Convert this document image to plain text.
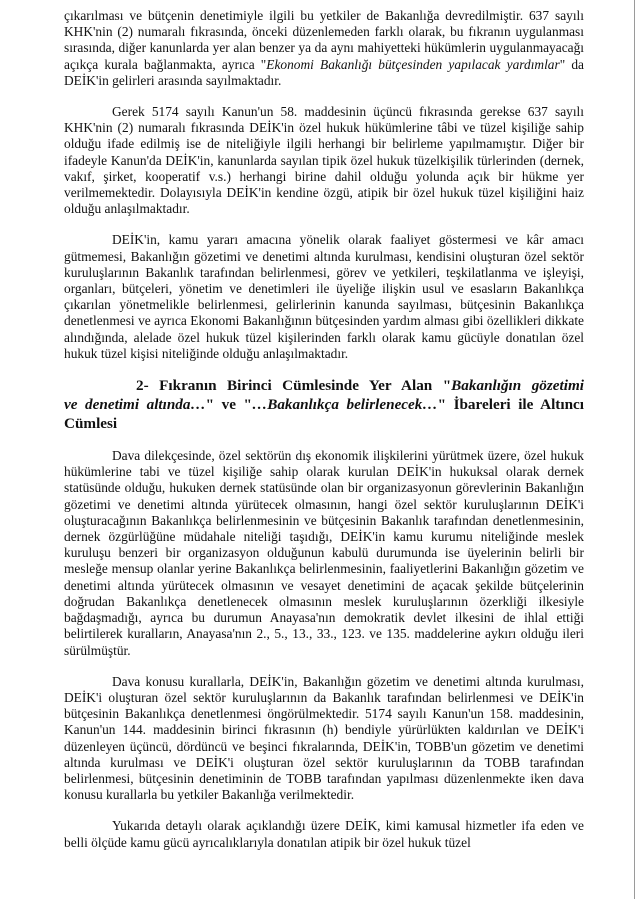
çıkarılması ve bütçenin denetimiyle ilgili bu yetkiler de Bakanlığa devredilmiştir. 637 sayılı KHK'nin (2) numaralı fıkrasında, önceki düzenlemeden farklı olarak, bu fıkranın uygulanması sırasında, diğer kanunlarda yer alan benzer ya da aynı mahiyetteki hükümlerin uygulanmayacağı açıkça kurala bağlanmakta, ayrıca "Ekonomi Bakanlığı bütçesinden yapılacak yardımlar" da DEİK'in gelirleri arasında sayılmaktadır.

Gerek 5174 sayılı Kanun'un 58. maddesinin üçüncü fıkrasında gerekse 637 sayılı KHK'nin (2) numaralı fıkrasında DEİK'in özel hukuk hükümlerine tâbi ve tüzel kişiliğe sahip olduğu ifade edilmiş ise de niteliğiyle ilgili herhangi bir belirleme yapılmamıştır. Diğer bir ifadeyle Kanun'da DEİK'in, kanunlarda sayılan tipik özel hukuk tüzelkişilik türlerinden (dernek, vakıf, şirket, kooperatif v.s.) herhangi birine dahil olduğu yolunda açık bir hükme yer verilmemektedir. Dolayısıyla DEİK'in kendine özgü, atipik bir özel hukuk tüzel kişiliğini haiz olduğu anlaşılmaktadır.

DEİK'in, kamu yararı amacına yönelik olarak faaliyet göstermesi ve kâr amacı gütmemesi, Bakanlığın gözetimi ve denetimi altında kurulması, kendisini oluşturan özel sektör kuruluşlarının Bakanlık tarafından belirlenmesi, görev ve yetkileri, teşkilatlanma ve işleyişi, organları, bütçeleri, yönetim ve denetimleri ile üyeliğe ilişkin usul ve esasların Bakanlıkça çıkarılan yönetmelikle belirlenmesi, gelirlerinin kanunda sayılması, bütçesinin Bakanlıkça denetlenmesi ve ayrıca Ekonomi Bakanlığının bütçesinden yardım alması gibi özellikleri dikkate alındığında, alelade özel hukuk tüzel kişilerinden farklı olarak kamu gücüyle donatılan özel hukuk tüzel kişisi niteliğinde olduğu anlaşılmaktadır.

2- Fıkranın Birinci Cümlesinde Yer Alan "Bakanlığın gözetimi
ve denetimi altında…" ve "…Bakanlıkça belirlenecek…" İbareleri ile Altıncı
Cümlesi

Dava dilekçesinde, özel sektörün dış ekonomik ilişkilerini yürütmek üzere, özel hukuk hükümlerine tabi ve tüzel kişiliğe sahip olarak kurulan DEİK'in hukuksal olarak dernek statüsünde olduğu, hukuken dernek statüsünde olan bir organizasyonun görevlerinin Bakanlığın gözetimi ve denetimi altında yürütecek olmasının, hangi özel sektör kuruluşlarının DEİK'i oluşturacağının Bakanlıkça belirlenmesinin ve bütçesinin Bakanlık tarafından denetlenmesinin, dernek özgürlüğüne müdahale niteliği taşıdığı, DEİK'in kamu kurumu niteliğinde meslek kuruluşu benzeri bir organizasyon olduğunun kabulü durumunda ise üyelerinin belirli bir mesleğe mensup olanlar yerine Bakanlıkça belirlenmesinin, faaliyetlerini Bakanlığın gözetim ve denetimi altında yürütecek olmasının ve vesayet denetimini de açacak şekilde bütçelerinin doğrudan Bakanlıkça denetlenecek olmasının meslek kuruluşlarının özerkliği ilkesiyle bağdaşmadığı, ayrıca bu durumun Anayasa'nın demokratik devlet ilkesini de ihlal ettiği belirtilerek kuralların, Anayasa'nın 2., 5., 13., 33., 123. ve 135. maddelerine aykırı olduğu ileri sürülmüştür.

Dava konusu kurallarla, DEİK'in, Bakanlığın gözetim ve denetimi altında kurulması, DEİK'i oluşturan özel sektör kuruluşlarının da Bakanlık tarafından belirlenmesi ve DEİK'in bütçesinin Bakanlıkça denetlenmesi öngörülmektedir. 5174 sayılı Kanun'un 158. maddesinin, Kanun'un 144. maddesinin birinci fıkrasının (h) bendiyle yürürlükten kaldırılan ve DEİK'i düzenleyen üçüncü, dördüncü ve beşinci fıkralarında, DEİK'in, TOBB'un gözetim ve denetimi altında kurulması ve DEİK'i oluşturan özel sektör kuruluşlarının da TOBB tarafından belirlenmesi, bütçesinin denetiminin de TOBB tarafından yapılması düzenlenmekte iken dava konusu kurallarla bu yetkiler Bakanlığa verilmektedir.

Yukarıda detaylı olarak açıklandığı üzere DEİK, kimi kamusal hizmetler ifa eden ve belli ölçüde kamu gücü ayrıcalıklarıyla donatılan atipik bir özel hukuk tüzel
